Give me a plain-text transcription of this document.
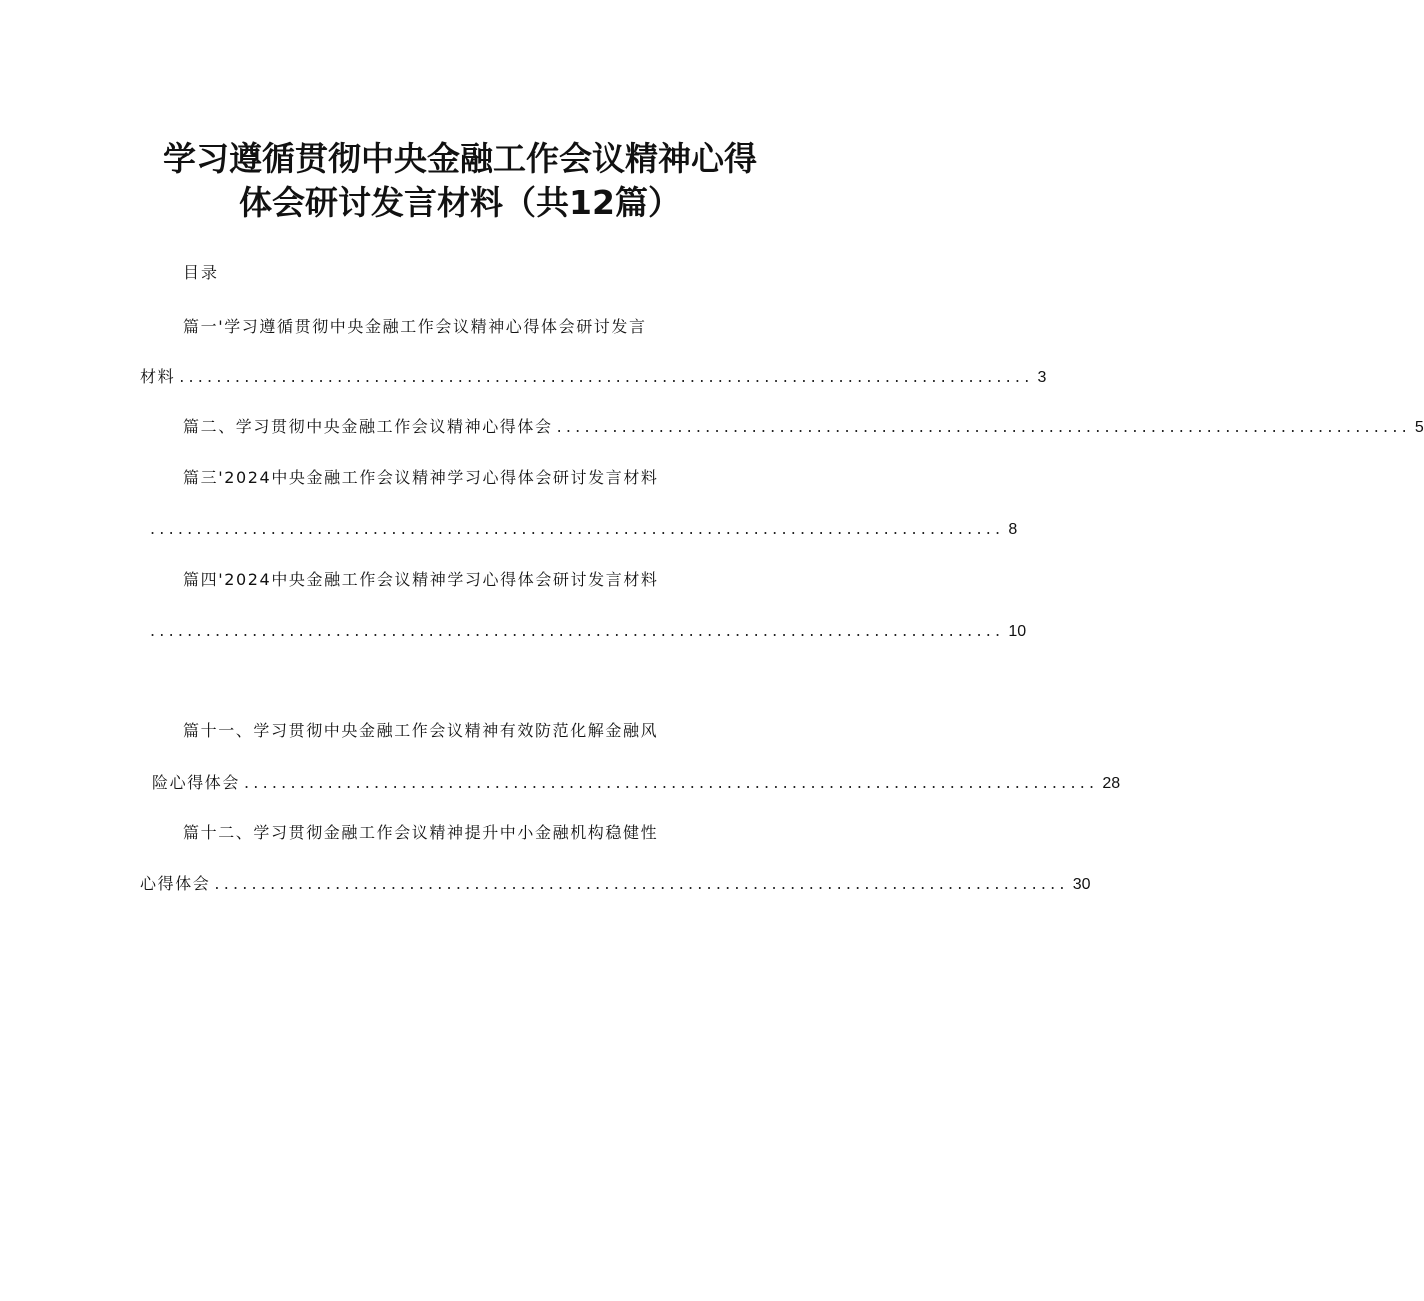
学习遵循贯彻中央金融工作会议精神心得
体会研讨发言材料（共12篇）
目录
篇一'学习遵循贯彻中央金融工作会议精神心得体会研讨发言
材料 ............................................................................................ 3
篇二、学习贯彻中央金融工作会议精神心得体会 ............................................................................................ 5
篇三'2024中央金融工作会议精神学习心得体会研讨发言材料
............................................................................................ 8
篇四'2024中央金融工作会议精神学习心得体会研讨发言材料
............................................................................................ 10
篇十一、学习贯彻中央金融工作会议精神有效防范化解金融风
险心得体会 ............................................................................................ 28
篇十二、学习贯彻金融工作会议精神提升中小金融机构稳健性
心得体会 ............................................................................................ 30
